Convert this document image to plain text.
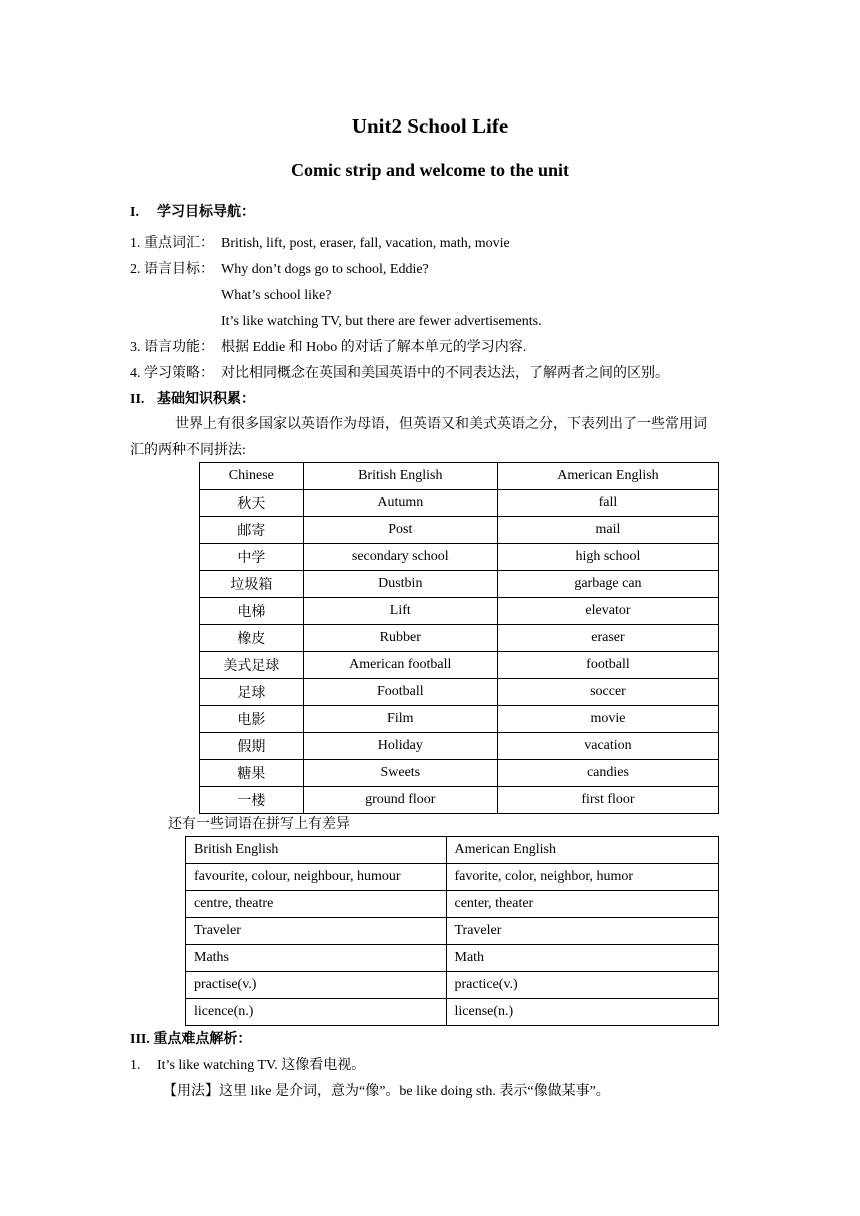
Unit2 School Life
Comic strip and welcome to the unit
I. 学习目标导航：
1. 重点词汇： British, lift, post, eraser, fall, vacation, math, movie
2. 语言目标： Why don’t dogs go to school, Eddie?
What’s school like?
It’s like watching TV, but there are fewer advertisements.
3. 语言功能： 根据 Eddie 和 Hobo 的对话了解本单元的学习内容.
4. 学习策略： 对比相同概念在英国和美国英语中的不同表达法，了解两者之间的区别。
II. 基础知识积累：
世界上有很多国家以英语作为母语，但英语又和美式英语之分，下表列出了一些常用词
汇的两种不同拼法:
Chinese	British English	American English
秋天	Autumn	fall
邮寄	Post	mail
中学	secondary school	high school
垃圾箱	Dustbin	garbage can
电梯	Lift	elevator
橡皮	Rubber	eraser
美式足球	American football	football
足球	Football	soccer
电影	Film	movie
假期	Holiday	vacation
糖果	Sweets	candies
一楼	ground floor	first floor
还有一些词语在拼写上有差异
British English	American English
favourite, colour, neighbour, humour	favorite, color, neighbor, humor
centre, theatre	center, theater
Traveler	Traveler
Maths	Math
practise(v.)	practice(v.)
licence(n.)	license(n.)
III. 重点难点解析：
1. It’s like watching TV. 这像看电视。
【用法】这里 like 是介词，意为“像”。be like doing sth. 表示“像做某事”。
